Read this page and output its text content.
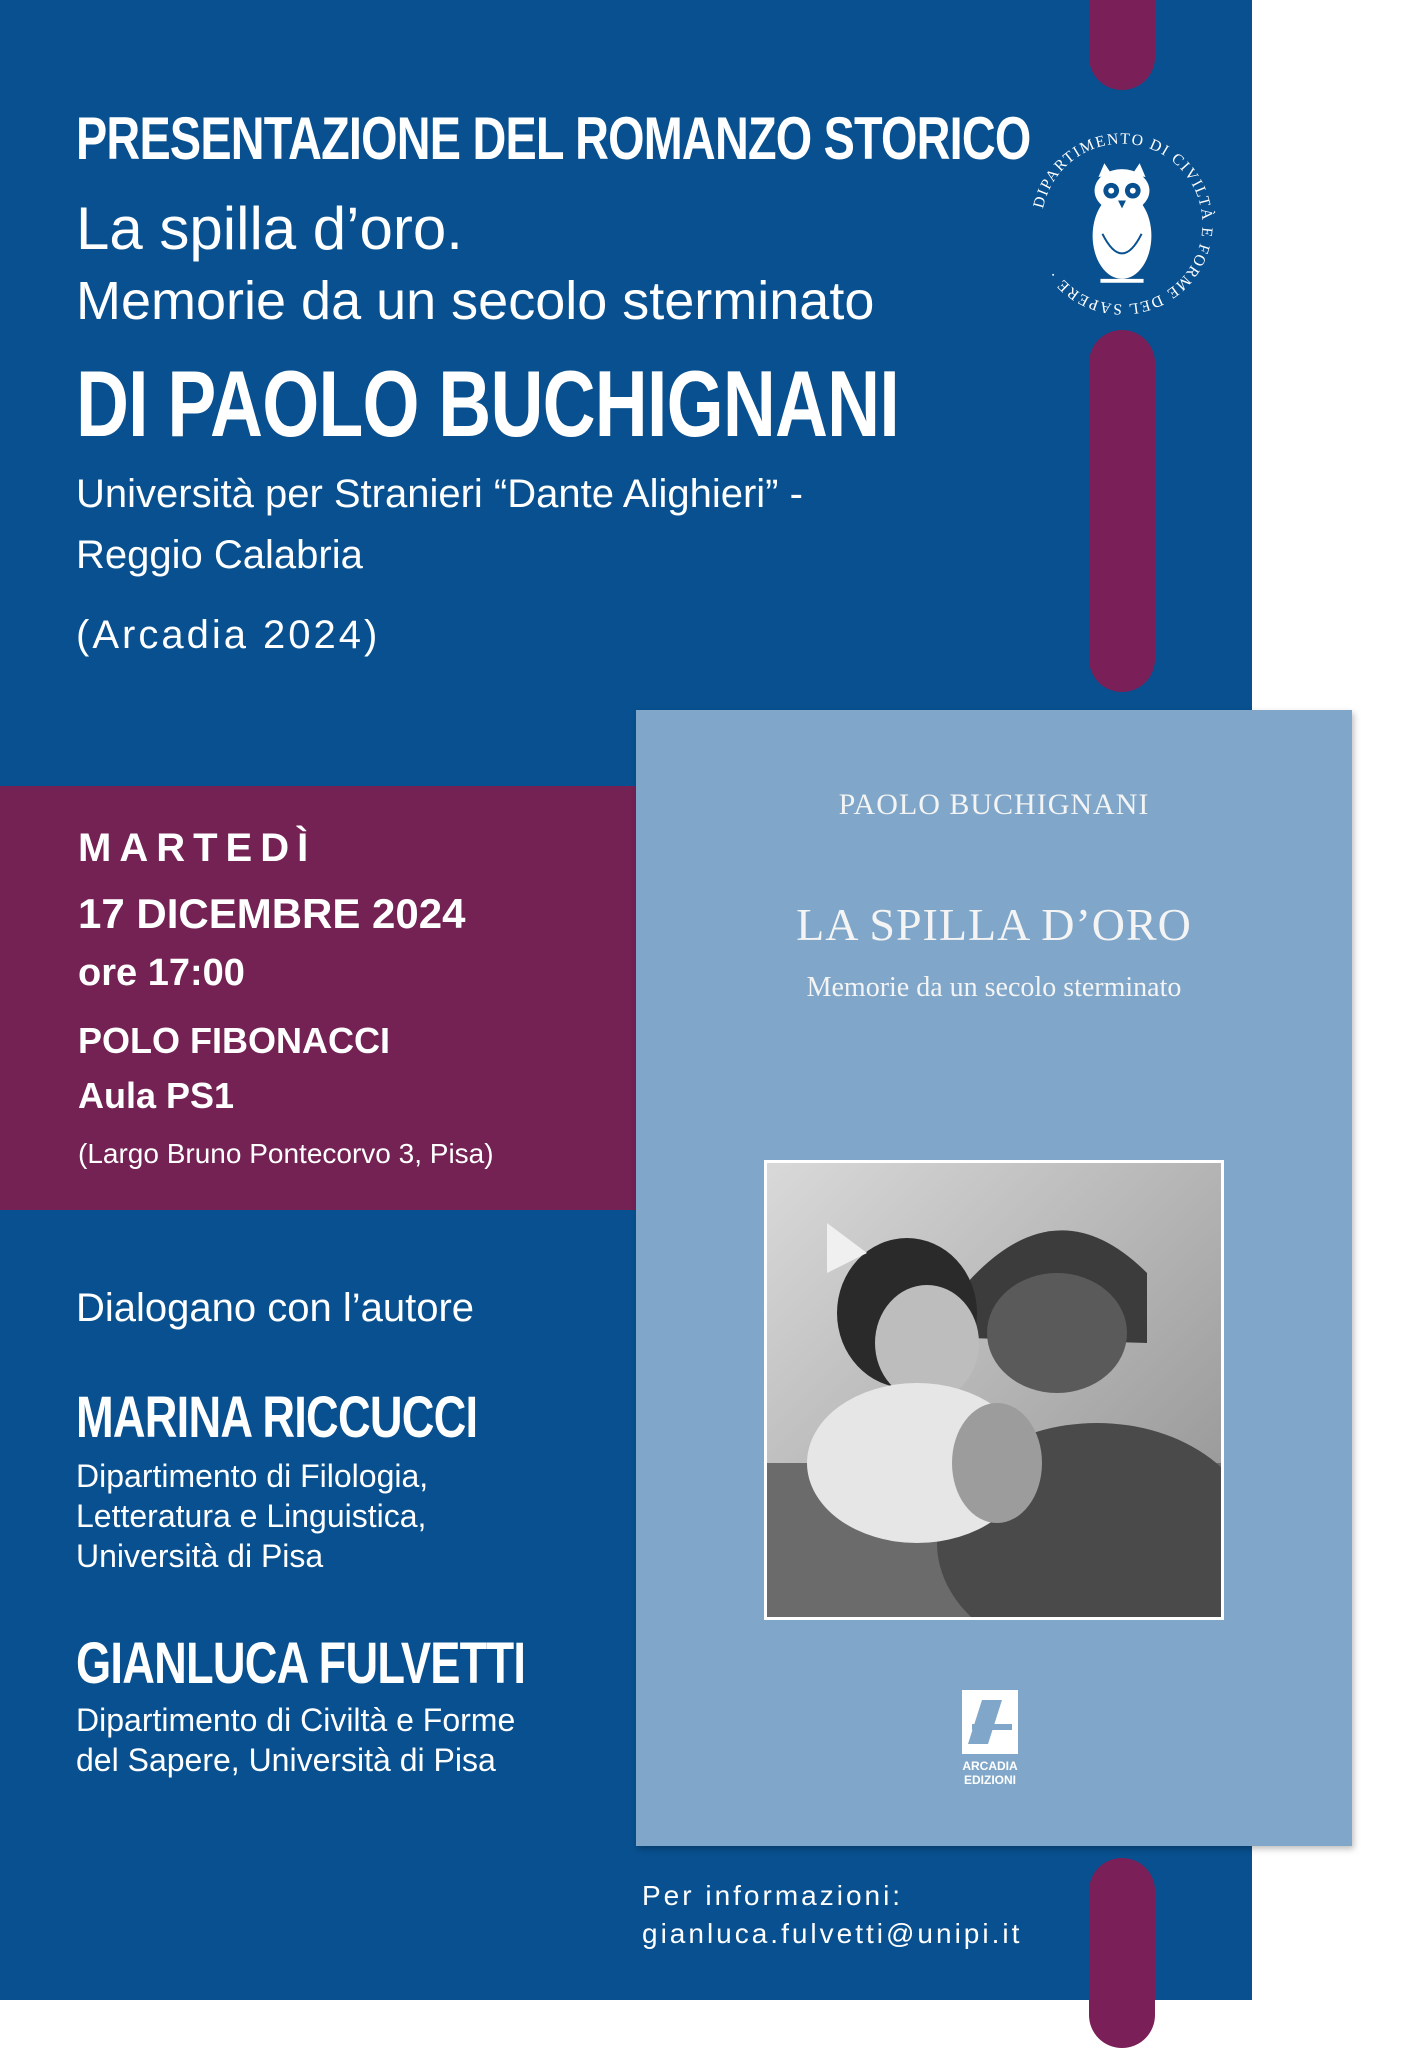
DIPARTIMENTO DI CIVILTÀ E FORME DEL SAPERE ·

PRESENTAZIONE DEL ROMANZO STORICO

La spilla d’oro.

Memorie da un secolo sterminato

DI PAOLO BUCHIGNANI

Università per Stranieri “Dante Alighieri” -

Reggio Calabria

(Arcadia 2024)

MARTEDÌ

17 DICEMBRE 2024

ore 17:00

POLO FIBONACCI

Aula PS1

(Largo Bruno Pontecorvo 3, Pisa)

Dialogano con l’autore

MARINA RICCUCCI

Dipartimento di Filologia,

Letteratura e Linguistica,

Università di Pisa

GIANLUCA FULVETTI

Dipartimento di Civiltà e Forme

del Sapere, Università di Pisa

PAOLO BUCHIGNANI

LA SPILLA D’ORO

Memorie da un secolo sterminato

ARCADIA
EDIZIONI

Per informazioni:

gianluca.fulvetti@unipi.it
